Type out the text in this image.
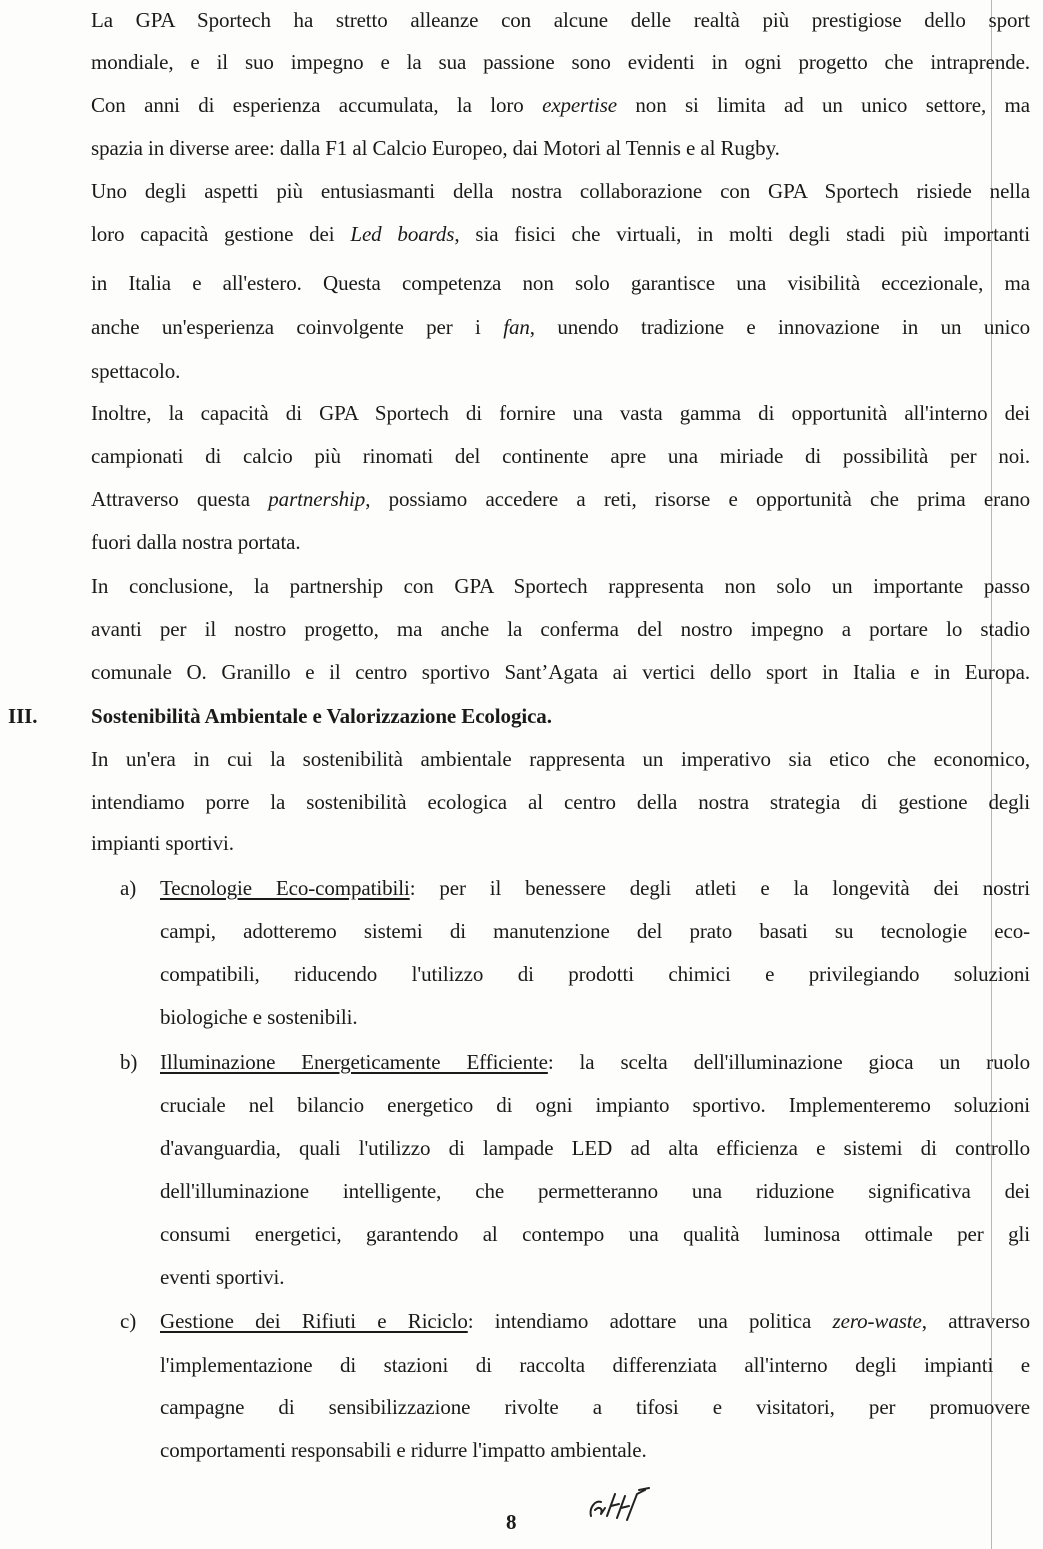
La GPA Sportech ha stretto alleanze con alcune delle realtà più prestigiose dello sport
mondiale, e il suo impegno e la sua passione sono evidenti in ogni progetto che intraprende.
Con anni di esperienza accumulata, la loro expertise non si limita ad un unico settore, ma
spazia in diverse aree: dalla F1 al Calcio Europeo, dai Motori al Tennis e al Rugby.
Uno degli aspetti più entusiasmanti della nostra collaborazione con GPA Sportech risiede nella
loro capacità gestione dei Led boards, sia fisici che virtuali, in molti degli stadi più importanti
in Italia e all'estero. Questa competenza non solo garantisce una visibilità eccezionale, ma
anche un'esperienza coinvolgente per i fan, unendo tradizione e innovazione in un unico
spettacolo.
Inoltre, la capacità di GPA Sportech di fornire una vasta gamma di opportunità all'interno dei
campionati di calcio più rinomati del continente apre una miriade di possibilità per noi.
Attraverso questa partnership, possiamo accedere a reti, risorse e opportunità che prima erano
fuori dalla nostra portata.
In conclusione, la partnership con GPA Sportech rappresenta non solo un importante passo
avanti per il nostro progetto, ma anche la conferma del nostro impegno a portare lo stadio
comunale O. Granillo e il centro sportivo Sant’Agata ai vertici dello sport in Italia e in Europa.
III.	Sostenibilità Ambientale e Valorizzazione Ecologica.
In un'era in cui la sostenibilità ambientale rappresenta un imperativo sia etico che economico,
intendiamo porre la sostenibilità ecologica al centro della nostra strategia di gestione degli
impianti sportivi.
a) Tecnologie Eco-compatibili: per il benessere degli atleti e la longevità dei nostri
campi, adotteremo sistemi di manutenzione del prato basati su tecnologie eco-
compatibili, riducendo l'utilizzo di prodotti chimici e privilegiando soluzioni
biologiche e sostenibili.
b) Illuminazione Energeticamente Efficiente: la scelta dell'illuminazione gioca un ruolo
cruciale nel bilancio energetico di ogni impianto sportivo. Implementeremo soluzioni
d'avanguardia, quali l'utilizzo di lampade LED ad alta efficienza e sistemi di controllo
dell'illuminazione intelligente, che permetteranno una riduzione significativa dei
consumi energetici, garantendo al contempo una qualità luminosa ottimale per gli
eventi sportivi.
c) Gestione dei Rifiuti e Riciclo: intendiamo adottare una politica zero-waste, attraverso
l'implementazione di stazioni di raccolta differenziata all'interno degli impianti e
campagne di sensibilizzazione rivolte a tifosi e visitatori, per promuovere
comportamenti responsabili e ridurre l'impatto ambientale.
8
